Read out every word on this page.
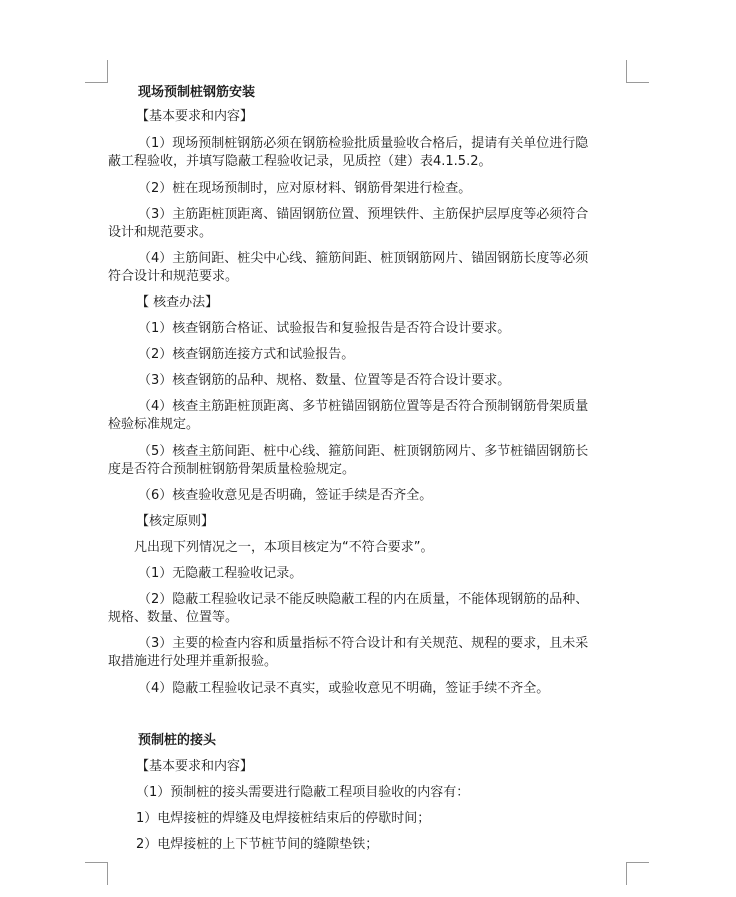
现场预制桩钢筋安装
【基本要求和内容】
（1）现场预制桩钢筋必须在钢筋检验批质量验收合格后，提请有关单位进行隐
蔽工程验收，并填写隐蔽工程验收记录，见质控（建）表4.1.5.2。
（2）桩在现场预制时，应对原材料、钢筋骨架进行检查。
（3）主筋距桩顶距离、锚固钢筋位置、预埋铁件、主筋保护层厚度等必须符合
设计和规范要求。
（4）主筋间距、桩尖中心线、箍筋间距、桩顶钢筋网片、锚固钢筋长度等必须
符合设计和规范要求。
【 核查办法】
（1）核查钢筋合格证、试验报告和复验报告是否符合设计要求。
（2）核查钢筋连接方式和试验报告。
（3）核查钢筋的品种、规格、数量、位置等是否符合设计要求。
（4）核查主筋距桩顶距离、多节桩锚固钢筋位置等是否符合预制钢筋骨架质量
检验标准规定。
（5）核查主筋间距、桩中心线、箍筋间距、桩顶钢筋网片、多节桩锚固钢筋长
度是否符合预制桩钢筋骨架质量检验规定。
（6）核查验收意见是否明确，签证手续是否齐全。
【核定原则】
凡出现下列情况之一，本项目核定为“不符合要求”。
（1）无隐蔽工程验收记录。
（2）隐蔽工程验收记录不能反映隐蔽工程的内在质量，不能体现钢筋的品种、
规格、数量、位置等。
（3）主要的检查内容和质量指标不符合设计和有关规范、规程的要求，且未采
取措施进行处理并重新报验。
（4）隐蔽工程验收记录不真实，或验收意见不明确，签证手续不齐全。
预制桩的接头
【基本要求和内容】
（1）预制桩的接头需要进行隐蔽工程项目验收的内容有：
1）电焊接桩的焊缝及电焊接桩结束后的停歇时间；
2）电焊接桩的上下节桩节间的缝隙垫铁；
